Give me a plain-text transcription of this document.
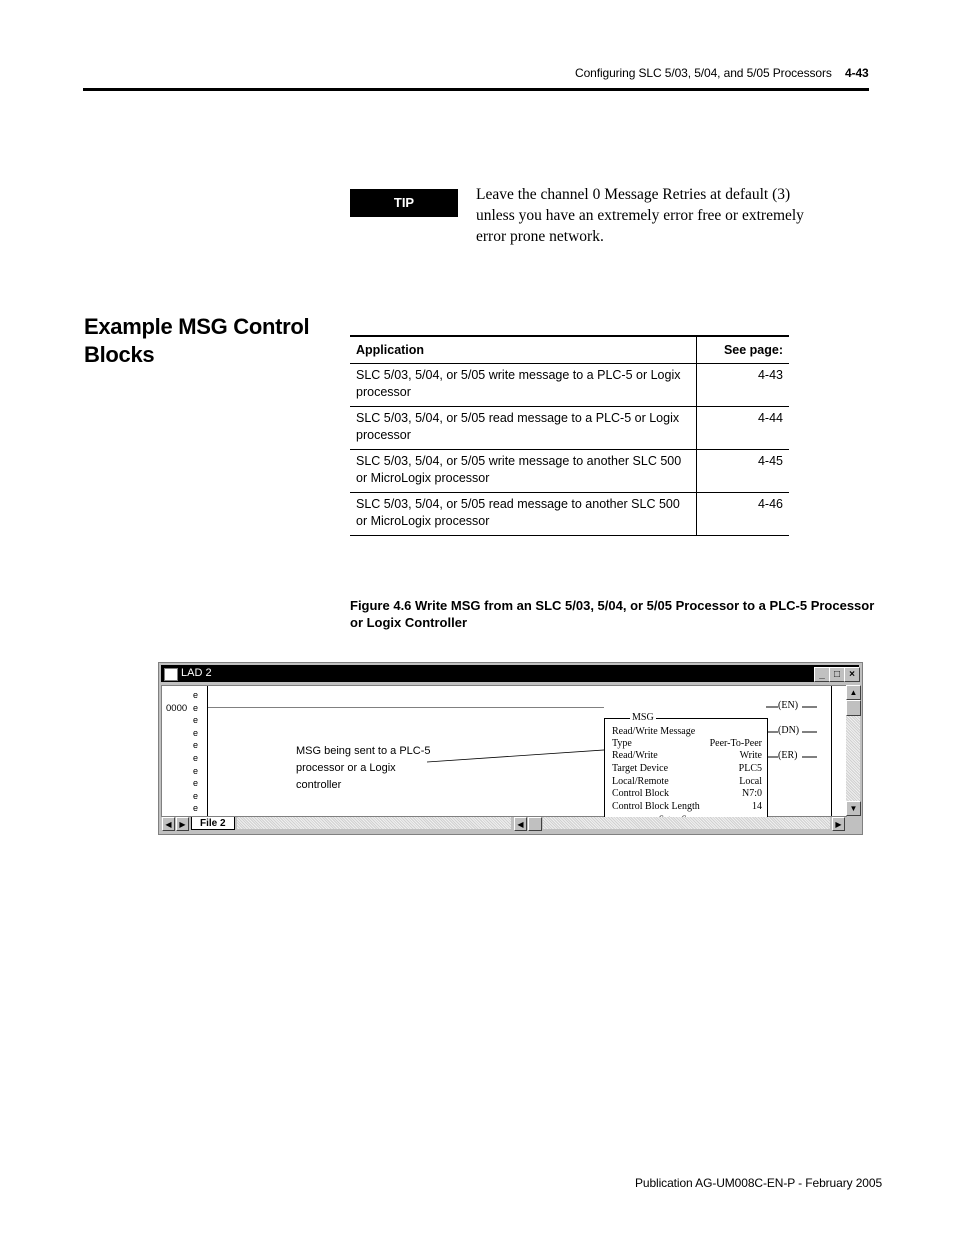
Configuring SLC 5/03, 5/04, and 5/05 Processors 4-43
TIP	Leave the channel 0 Message Retries at default (3)
unless you have an extremely error free or extremely
error prone network.
Example MSG Control
Blocks	Application	See page:

SLC 5/03, 5/04, or 5/05 write message to a PLC-5 or Logix
processor	4-43

SLC 5/03, 5/04, or 5/05 read message to a PLC-5 or Logix
processor	4-44

SLC 5/03, 5/04, or 5/05 write message to another SLC 500
or MicroLogix processor	4-45

SLC 5/03, 5/04, or 5/05 read message to another SLC 500
or MicroLogix processor	4-46
Figure 4.6 Write MSG from an SLC 5/03, 5/04, or 5/05 Processor to a PLC-5 Processor
or Logix Controller
LAD 2	_ □ ×
0000
e
e
e
e
e
e
e
e
e
e
MSG being sent to a PLC-5
processor or a Logix
controller
MSG
Read/Write Message
Type	Peer-To-Peer
Read/Write	Write
Target Device	PLC5
Local/Remote	Local
Control Block	N7:0
Control Block Length	14
(EN)
(DN)
(ER)
▲
▼
◀ ▶	File 2	◀	▶
Publication AG-UM008C-EN-P - February 2005
